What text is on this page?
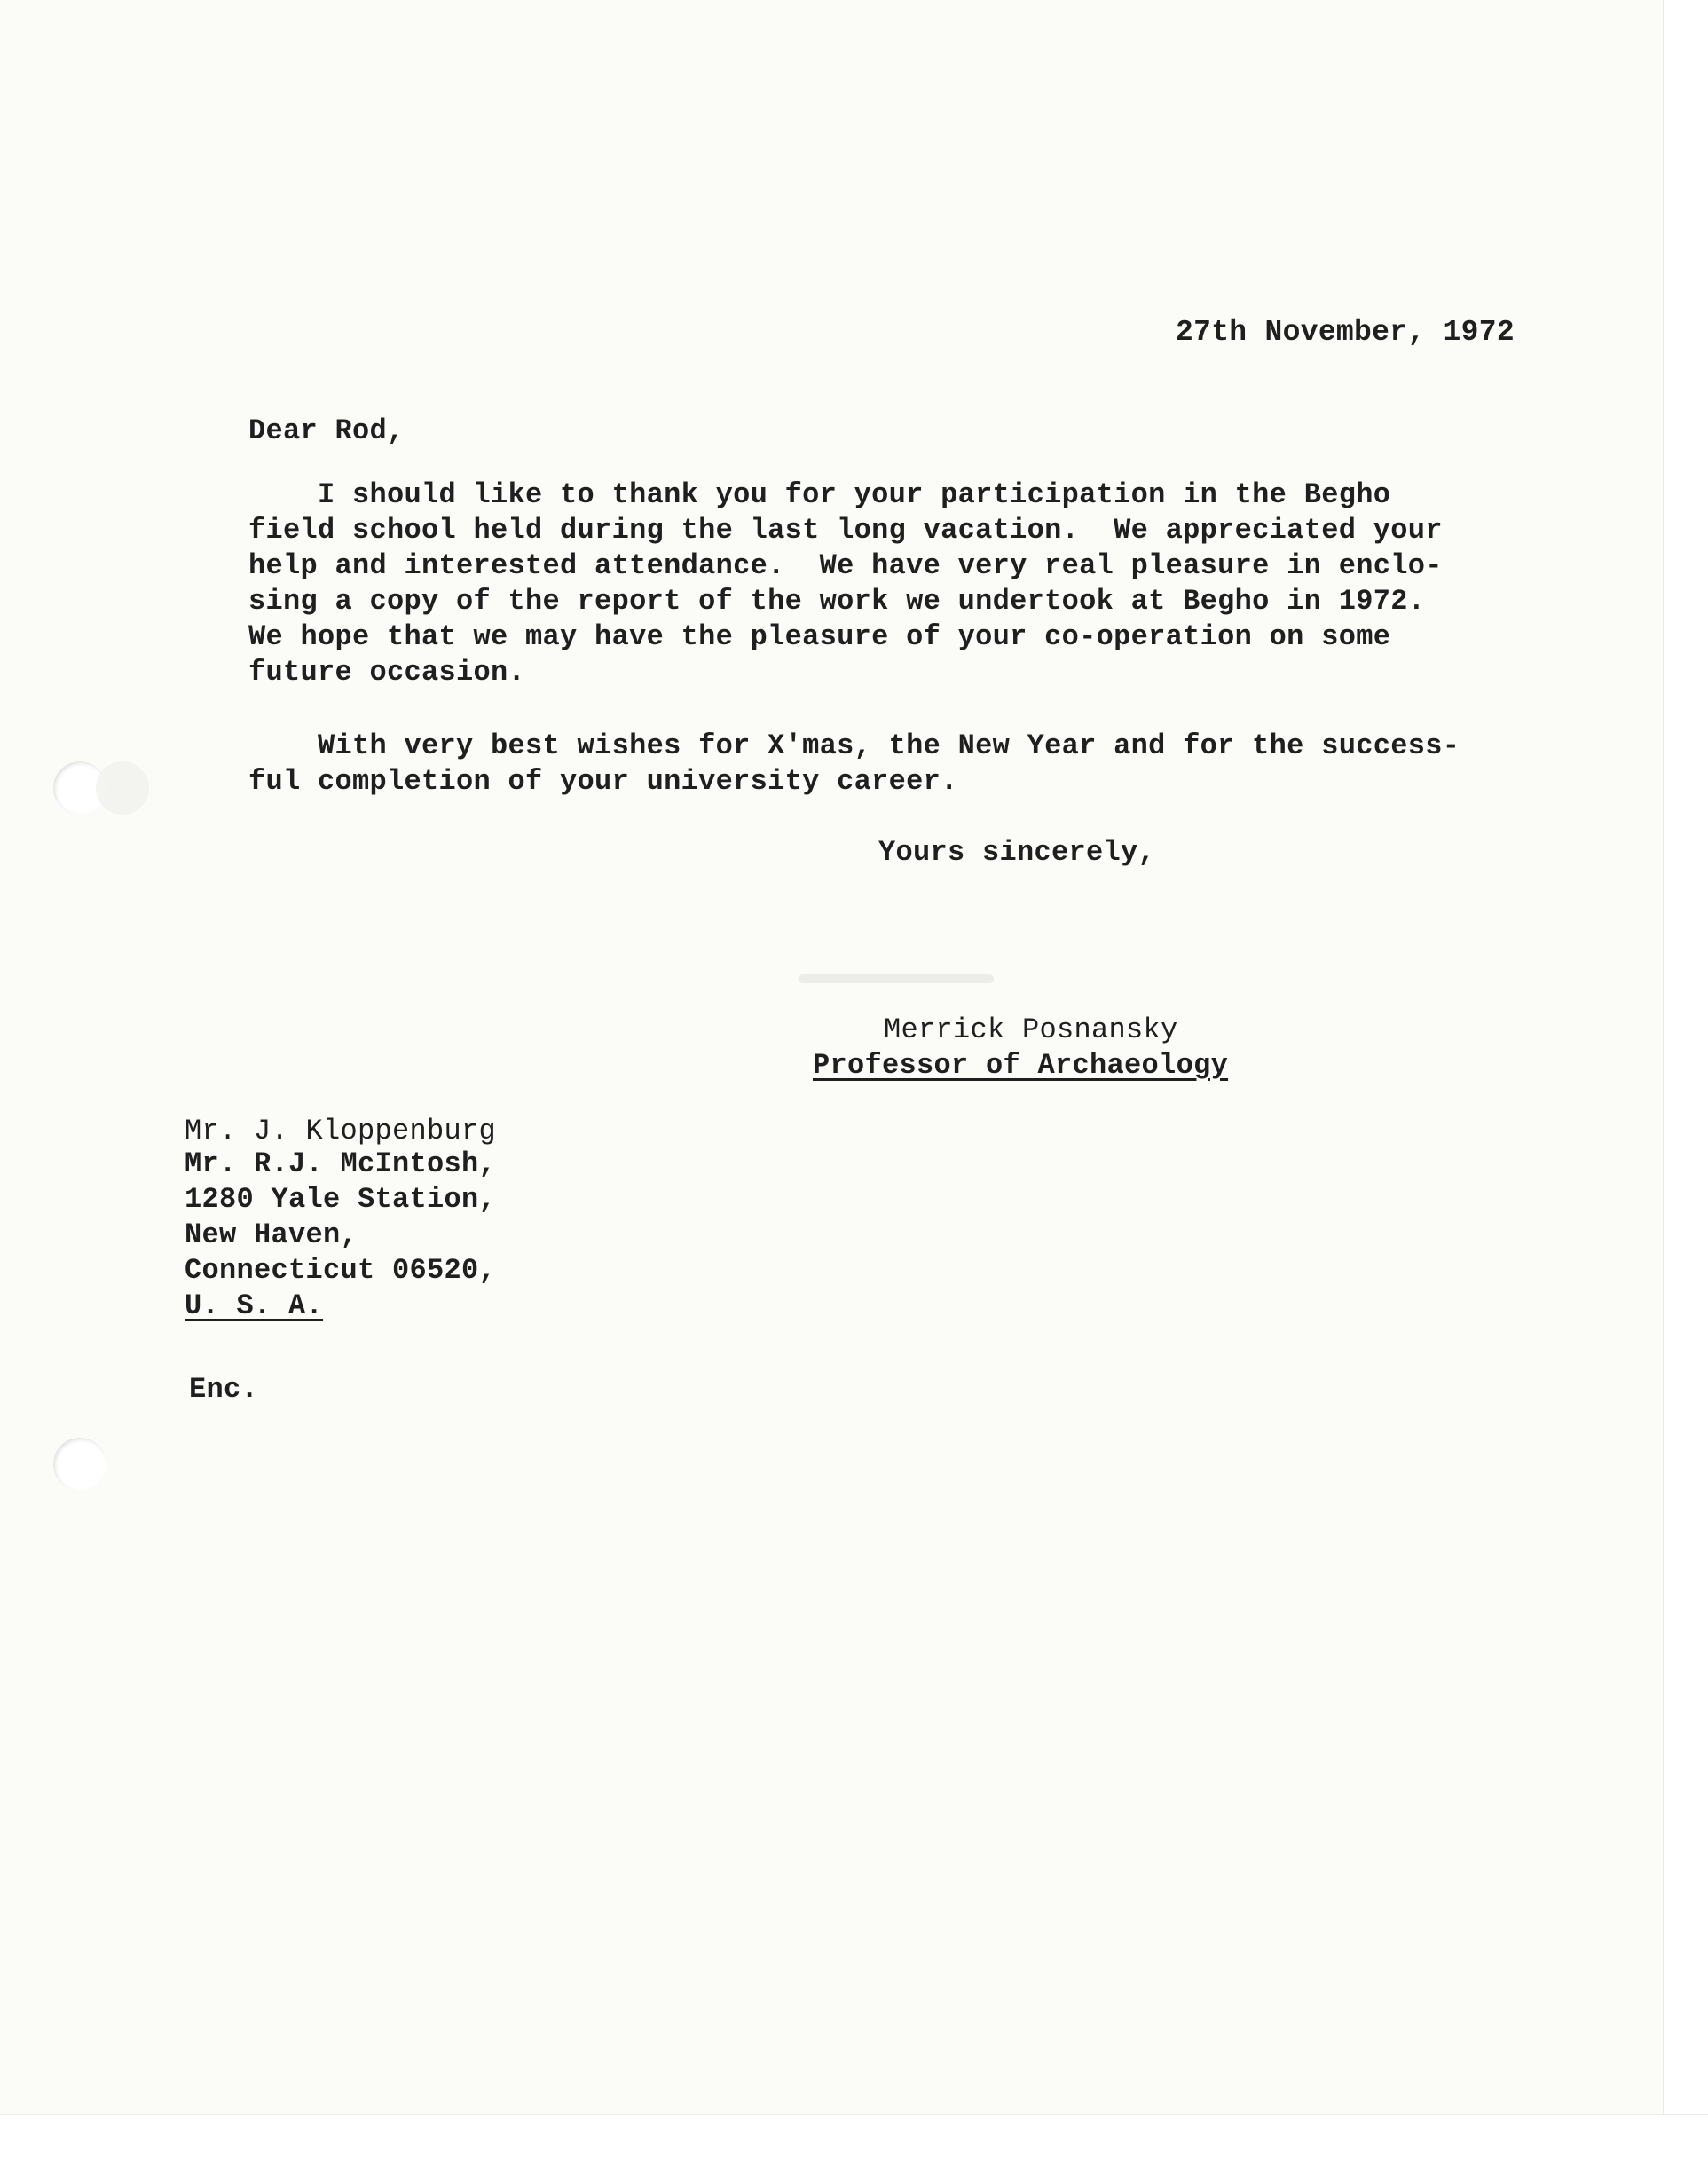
27th November, 1972
Dear Rod,
I should like to thank you for your participation in the Begho
field school held during the last long vacation.  We appreciated your
help and interested attendance.  We have very real pleasure in enclo-
sing a copy of the report of the work we undertook at Begho in 1972.
We hope that we may have the pleasure of your co-operation on some
future occasion.
With very best wishes for X'mas, the New Year and for the success-
ful completion of your university career.
Yours sincerely,
Merrick Posnansky
Professor of Archaeology
Mr. J. Kloppenburg
Mr. R.J. McIntosh,
1280 Yale Station,
New Haven,
Connecticut 06520,
U. S. A.
Enc.
